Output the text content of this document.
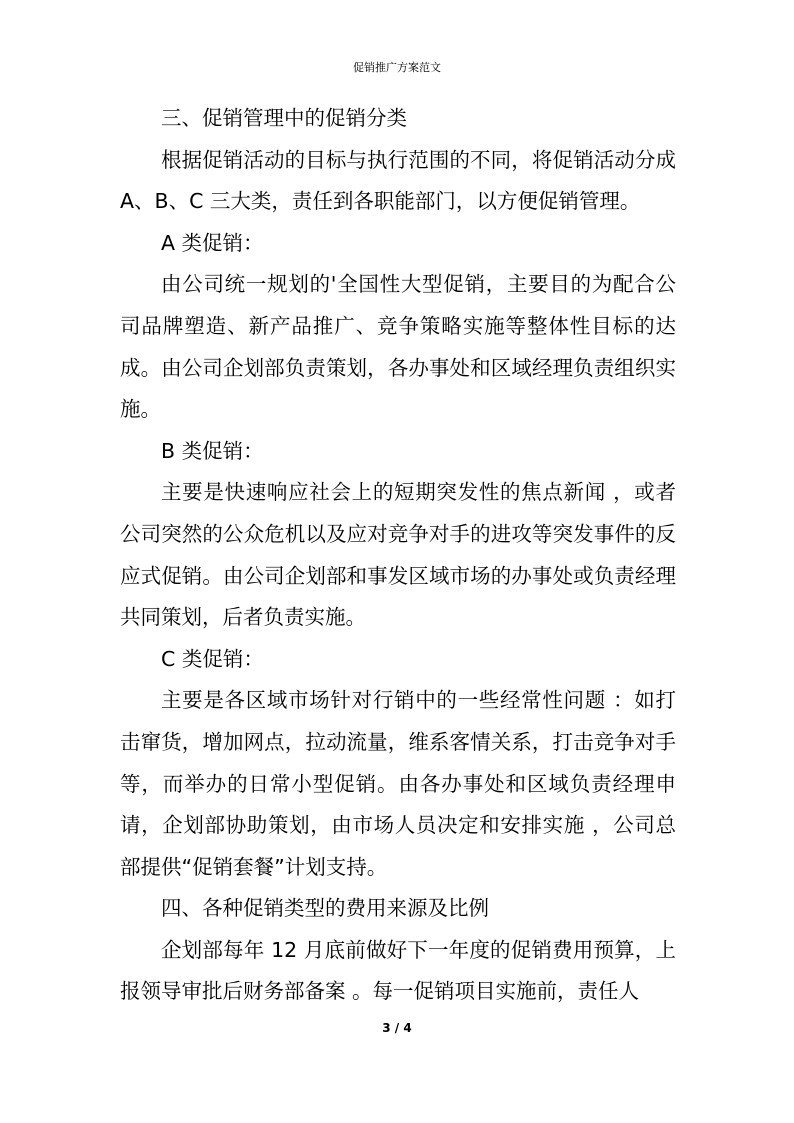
促销推广方案范文

三、促销管理中的促销分类

根据促销活动的目标与执行范围的不同，将促销活动分成 A、B、C 三大类，责任到各职能部门，以方便促销管理。

A 类促销：

由公司统一规划的'全国性大型促销，主要目的为配合公司品牌塑造、新产品推广、竞争策略实施等整体性目标的达成。由公司企划部负责策划，各办事处和区域经理负责组织实施。

B 类促销：

主要是快速响应社会上的短期突发性的焦点新闻 ，或者公司突然的公众危机以及应对竞争对手的进攻等突发事件的反应式促销。由公司企划部和事发区域市场的办事处或负责经理共同策划，后者负责实施。

C 类促销：

主要是各区域市场针对行销中的一些经常性问题 ：如打击窜货，增加网点，拉动流量，维系客情关系，打击竞争对手等，而举办的日常小型促销。由各办事处和区域负责经理申请，企划部协助策划，由市场人员决定和安排实施 ，公司总部提供“促销套餐”计划支持。

四、各种促销类型的费用来源及比例

企划部每年 12 月底前做好下一年度的促销费用预算，上报领导审批后财务部备案 。每一促销项目实施前，责任人

3 / 4
